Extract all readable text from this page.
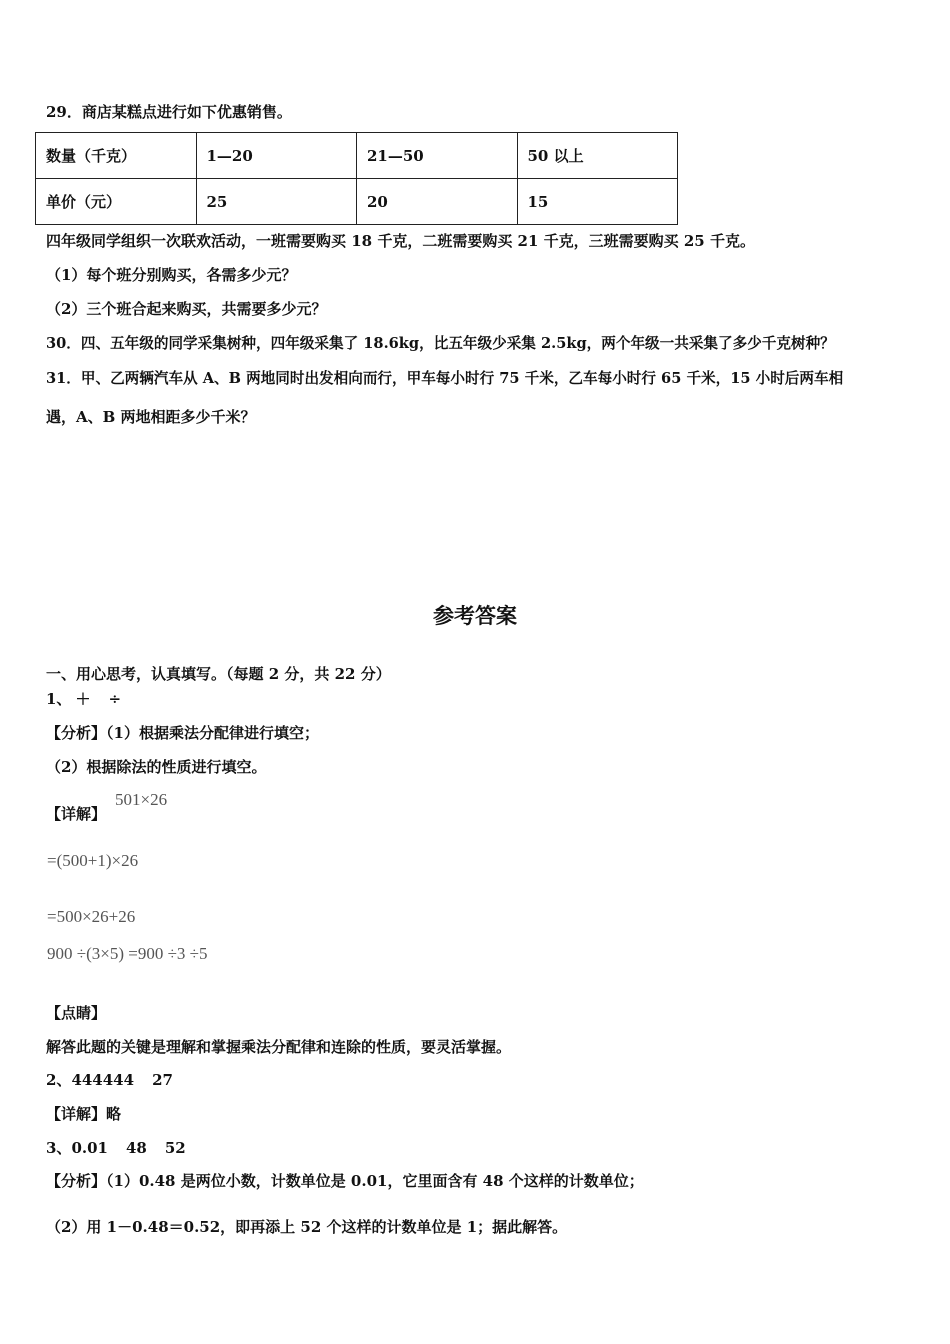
29．商店某糕点进行如下优惠销售。
数量（千克）	1—20	21—50	50 以上
单价（元）	25	20	15
四年级同学组织一次联欢活动，一班需要购买 18 千克，二班需要购买 21 千克，三班需要购买 25 千克。
（1）每个班分别购买，各需多少元？
（2）三个班合起来购买，共需要多少元？
30．四、五年级的同学采集树种，四年级采集了 18.6kg，比五年级少采集 2.5kg，两个年级一共采集了多少千克树种？
31．甲、乙两辆汽车从 A、B 两地同时出发相向而行，甲车每小时行 75 千米，乙车每小时行 65 千米，15 小时后两车相
遇，A、B 两地相距多少千米？
参考答案
一、用心思考，认真填写。（每题 2 分，共 22 分）
1、 ＋ ÷
【分析】（1）根据乘法分配律进行填空；
（2）根据除法的性质进行填空。
【详解】
501×26
=(500+1)×26
=500×26+26
900 ÷(3×5) =900 ÷3 ÷5
【点睛】
解答此题的关键是理解和掌握乘法分配律和连除的性质，要灵活掌握。
2、444444 27
【详解】略
3、0.01 48 52
【分析】（1）0.48 是两位小数，计数单位是 0.01，它里面含有 48 个这样的计数单位；
（2）用 1－0.48＝0.52，即再添上 52 个这样的计数单位是 1；据此解答。
